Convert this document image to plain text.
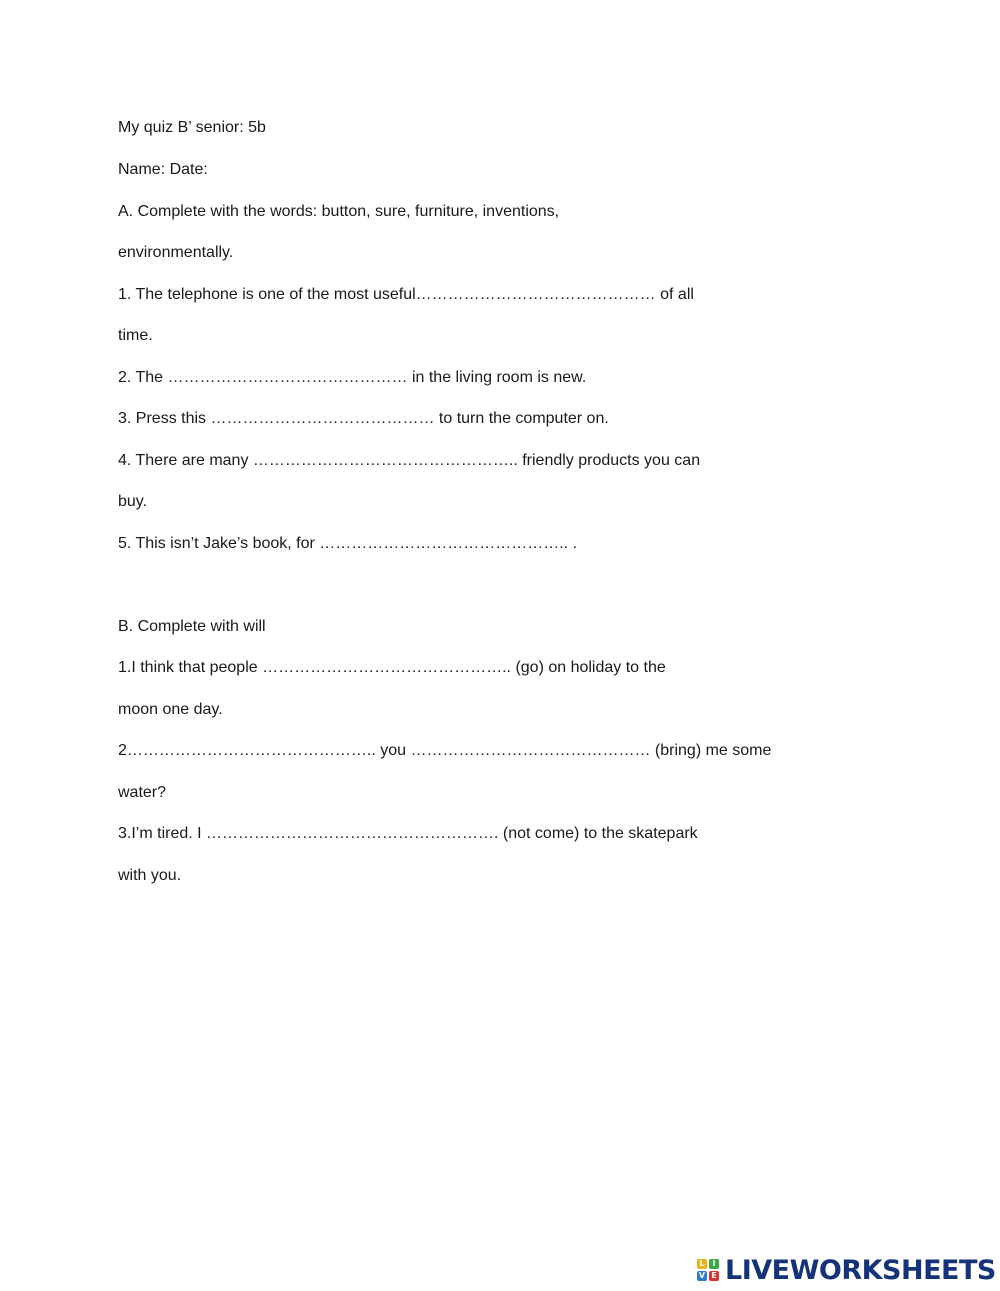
My quiz B’ senior: 5b
Name: Date:
A. Complete with the words: button, sure, furniture, inventions,
environmentally.
1. The telephone is one of the most useful……………………………………… of all
time.
2. The ……………………………………… in the living room is new.
3. Press this …………………………………… to turn the computer on.
4. There are many ………………………………………….. friendly products you can
buy.
5. This isn’t Jake’s book, for ……………………………………….. .
B. Complete with will
1.I think that people ……………………………………….. (go) on holiday to the
moon one day.
2……………………………………….. you ……………………………………… (bring) me some
water?
3.I’m tired. I ………………………………………………. (not come) to the skatepark
with you.
L I
V E LIVEWORKSHEETS
